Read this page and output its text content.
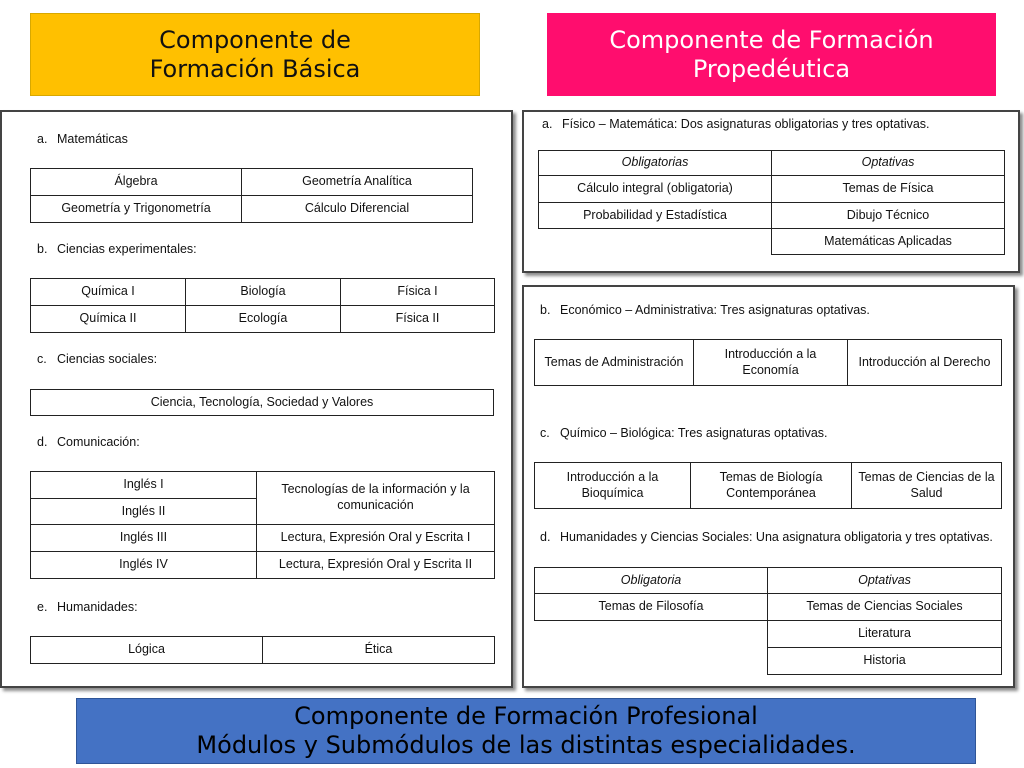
Componente de Formación Básica
Componente de Formación Propedéutica
a. Matemáticas
Álgebra	Geometría Analítica
Geometría y Trigonometría	Cálculo Diferencial
b. Ciencias experimentales:
Química I	Biología	Física I
Química II	Ecología	Física II
c. Ciencias sociales:
Ciencia, Tecnología, Sociedad y Valores
d. Comunicación:
Inglés I	Tecnologías de la información y la comunicación
Inglés II	
Inglés III	Lectura, Expresión Oral y Escrita I
Inglés IV	Lectura, Expresión Oral y Escrita II
e. Humanidades:
Lógica	Ética
a. Físico – Matemática: Dos asignaturas obligatorias y tres optativas.
Obligatorias	Optativas
Cálculo integral (obligatoria)	Temas de Física
Probabilidad y Estadística	Dibujo Técnico
	Matemáticas Aplicadas
b. Económico – Administrativa: Tres asignaturas optativas.
Temas de Administración	Introducción a la Economía	Introducción al Derecho
c. Químico – Biológica: Tres asignaturas optativas.
Introducción a la Bioquímica	Temas de Biología Contemporánea	Temas de Ciencias de la Salud
d. Humanidades y Ciencias Sociales: Una asignatura obligatoria y tres optativas.
Obligatoria	Optativas
Temas de Filosofía	Temas de Ciencias Sociales
	Literatura
	Historia
Componente de Formación Profesional
Módulos y Submódulos de las distintas especialidades.
